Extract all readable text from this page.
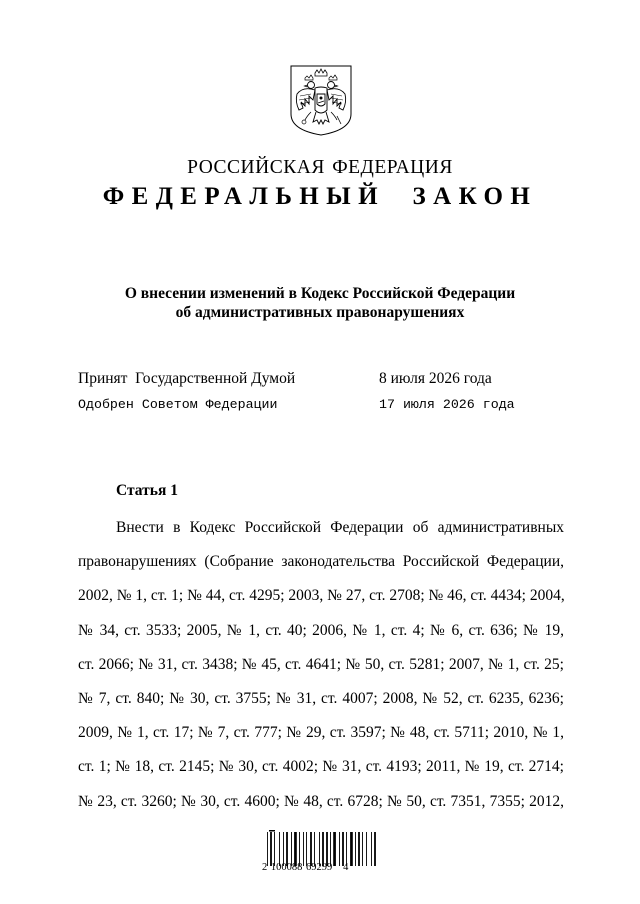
РОССИЙСКАЯ ФЕДЕРАЦИЯ
ФЕДЕРАЛЬНЫЙ ЗАКОН
О внесении изменений в Кодекс Российской Федерации
об административных правонарушениях
Принят  Государственной Думой	8 июля 2026 года
Одобрен Советом Федерации	17 июля 2026 года
Статья 1
Внести в Кодекс Российской Федерации об административных
правонарушениях (Собрание законодательства Российской Федерации,
2002, № 1, ст. 1; № 44, ст. 4295; 2003, № 27, ст. 2708; № 46, ст. 4434; 2004,
№ 34, ст. 3533; 2005, № 1, ст. 40; 2006, № 1, ст. 4; № 6, ст. 636; № 19,
ст. 2066; № 31, ст. 3438; № 45, ст. 4641; № 50, ст. 5281; 2007, № 1, ст. 25;
№ 7, ст. 840; № 30, ст. 3755; № 31, ст. 4007; 2008, № 52, ст. 6235, 6236;
2009, № 1, ст. 17; № 7, ст. 777; № 29, ст. 3597; № 48, ст. 5711; 2010, № 1,
ст. 1; № 18, ст. 2145; № 30, ст. 4002; № 31, ст. 4193; 2011, № 19, ст. 2714;
№ 23, ст. 3260; № 30, ст. 4600; № 48, ст. 6728; № 50, ст. 7351, 7355; 2012,
2 100088 69299   4
